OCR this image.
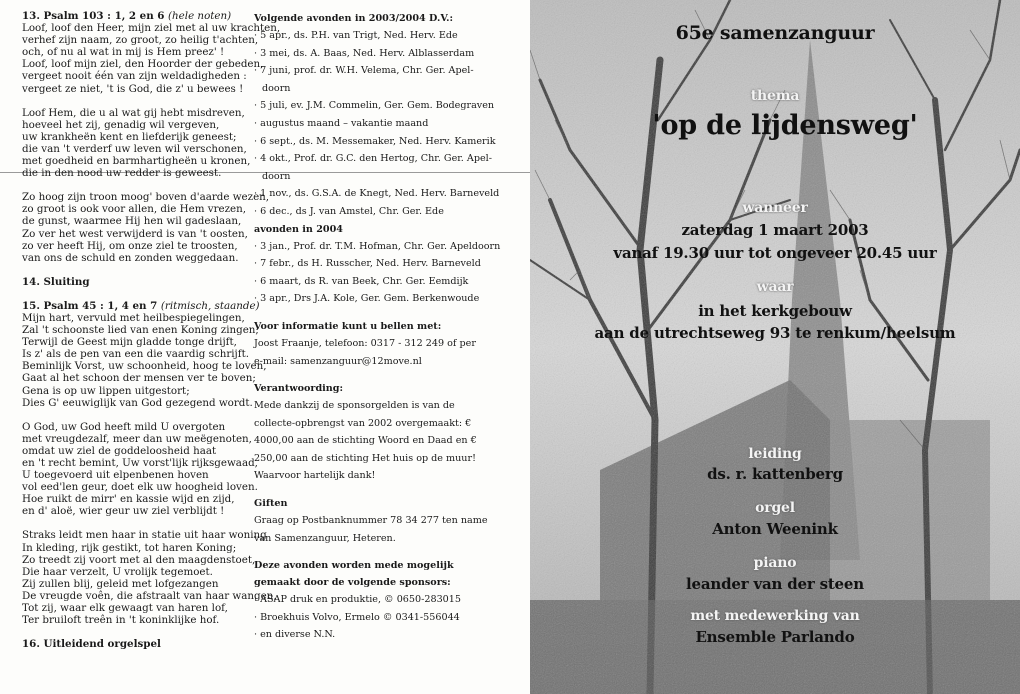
13. Psalm 103 : 1, 2 en 6 (hele noten)
Loof, loof den Heer, mijn ziel met al uw krachten,
verhef zijn naam, zo groot, zo heilig t'achten,
och, of nu al wat in mij is Hem preez' !
Loof, loof mijn ziel, den Hoorder der gebeden,
vergeet nooit één van zijn weldadigheden :
vergeet ze niet, 't is God, die z' u bewees !
Loof Hem, die u al wat gij hebt misdreven,
hoeveel het zij, genadig wil vergeven,
uw krankheën kent en liefderijk geneest;
die van 't verderf uw leven wil verschonen,
met goedheid en barmhartigheën u kronen,
die in den nood uw redder is geweest.
Zo hoog zijn troon moog' boven d'aarde wezen,
zo groot is ook voor allen, die Hem vrezen,
de gunst, waarmee Hij hen wil gadeslaan,
Zo ver het west verwijderd is van 't oosten,
zo ver heeft Hij, om onze ziel te troosten,
van ons de schuld en zonden weggedaan.
14. Sluiting
15. Psalm 45 : 1, 4 en 7 (ritmisch, staande)
Mijn hart, vervuld met heilbespiegelingen,
Zal 't schoonste lied van enen Koning zingen;
Terwijl de Geest mijn gladde tonge drijft,
Is z' als de pen van een die vaardig schrijft.
Beminlijk Vorst, uw schoonheid, hoog te loven,
Gaat al het schoon der mensen ver te boven;
Gena is op uw lippen uitgestort;
Dies G' eeuwiglijk van God gezegend wordt.
O God, uw God heeft mild U overgoten
met vreugdezalf, meer dan uw meëgenoten,
omdat uw ziel de goddeloosheid haat
en 't recht bemint, Uw vorst'lijk rijksgewaad,
U toegevoerd uit elpenbenen hoven
vol eed'len geur, doet elk uw hoogheid loven.
Hoe ruikt de mirr' en kassie wijd en zijd,
en d' aloë, wier geur uw ziel verblijdt !
Straks leidt men haar in statie uit haar woning
In kleding, rijk gestikt, tot haren Koning;
Zo treedt zij voort met al den maagdenstoet,
Die haar verzelt, U vrolijk tegemoet.
Zij zullen blij, geleid met lofgezangen
De vreugde voên, die afstraalt van haar wangen,
Tot zij, waar elk gewaagt van haren lof,
Ter bruiloft treên in 't koninklijke hof.
16. Uitleidend orgelspel
Volgende avonden in 2003/2004 D.V.:
· 5 apr., ds. P.H. van Trigt, Ned. Herv. Ede
· 3 mei, ds. A. Baas, Ned. Herv. Alblasserdam
· 7 juni, prof. dr. W.H. Velema, Chr. Ger. Apel-
doorn
· 5 juli, ev. J.M. Commelin, Ger. Gem. Bodegraven
· augustus maand – vakantie maand
· 6 sept., ds. M. Messemaker, Ned. Herv. Kamerik
· 4 okt., Prof. dr. G.C. den Hertog, Chr. Ger. Apel-
doorn
· 1 nov., ds. G.S.A. de Knegt, Ned. Herv. Barneveld
· 6 dec., ds J. van Amstel, Chr. Ger. Ede
avonden in 2004
· 3 jan., Prof. dr. T.M. Hofman, Chr. Ger. Apeldoorn
· 7 febr., ds H. Russcher, Ned. Herv. Barneveld
· 6 maart, ds R. van Beek, Chr. Ger. Eemdijk
· 3 apr., Drs J.A. Kole, Ger. Gem. Berkenwoude
Voor informatie kunt u bellen met:
Joost Fraanje, telefoon: 0317 - 312 249 of per
e-mail: samenzanguur@12move.nl
Verantwoording:
Mede dankzij de sponsorgelden is van de collecte-opbrengst van 2002 overgemaakt: € 4000,00 aan de stichting Woord en Daad en € 250,00 aan de stichting Het huis op de muur! Waarvoor hartelijk dank!
Giften
Graag op Postbanknummer 78 34 277 ten name
van Samenzanguur, Heteren.
Deze avonden worden mede mogelijk
gemaakt door de volgende sponsors:
· ASAP druk en produktie, © 0650-283015
· Broekhuis Volvo, Ermelo © 0341-556044
· en diverse N.N.
65e samenzanguur
thema
'op de lijdensweg'
wanneer
zaterdag 1 maart 2003
vanaf 19.30 uur tot ongeveer 20.45 uur
waar
in het kerkgebouw
aan de utrechtseweg 93 te renkum/heelsum
leiding
ds. r. kattenberg
orgel
Anton Weenink
piano
leander van der steen
met medewerking van
Ensemble Parlando
